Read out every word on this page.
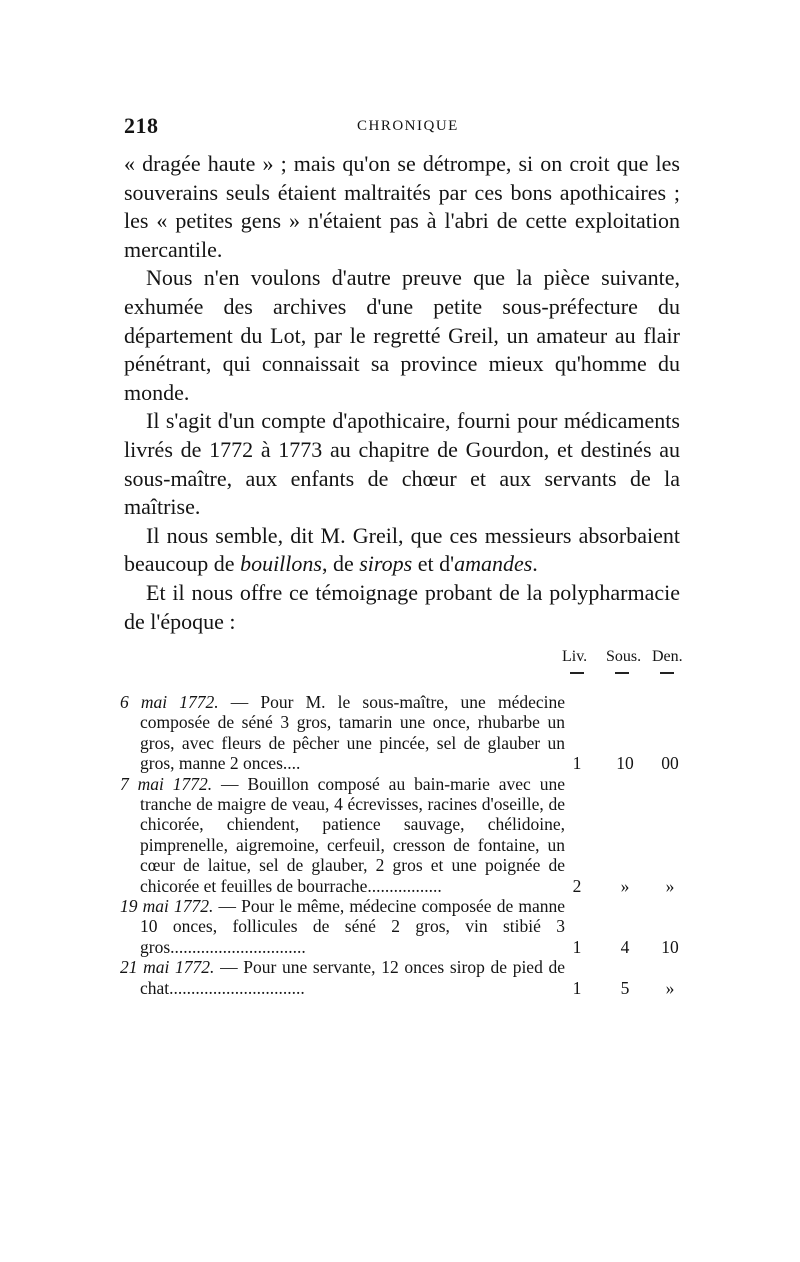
218	CHRONIQUE

« dragée haute » ; mais qu'on se détrompe, si on croit que les souverains seuls étaient maltraités par ces bons apothicaires ; les « petites gens » n'étaient pas à l'abri de cette exploitation mercantile.

Nous n'en voulons d'autre preuve que la pièce suivante, exhumée des archives d'une petite sous-préfecture du département du Lot, par le regretté Greil, un amateur au flair pénétrant, qui connaissait sa province mieux qu'homme du monde.

Il s'agit d'un compte d'apothicaire, fourni pour médicaments livrés de 1772 à 1773 au chapitre de Gourdon, et destinés au sous-maître, aux enfants de chœur et aux servants de la maîtrise.

Il nous semble, dit M. Greil, que ces messieurs absorbaient beaucoup de bouillons, de sirops et d'amandes.

Et il nous offre ce témoignage probant de la polypharmacie de l'époque :

Liv. Sous. Den.
6 mai 1772. — Pour M. le sous-maître, une médecine composée de séné 3 gros, tamarin une once, rhubarbe un gros, avec fleurs de pêcher une pincée, sel de glauber un gros, manne 2 onces....	1	10	00
7 mai 1772. — Bouillon composé au bain-marie avec une tranche de maigre de veau, 4 écrevisses, racines d'oseille, de chicorée, chiendent, patience sauvage, chélidoine, pimprenelle, aigremoine, cerfeuil, cresson de fontaine, un cœur de laitue, sel de glauber, 2 gros et une poignée de chicorée et feuilles de bourrache.................	2	»	»
19 mai 1772. — Pour le même, médecine composée de manne 10 onces, follicules de séné 2 gros, vin stibié 3 gros...............................	1	4	10
21 mai 1772. — Pour une servante, 12 onces sirop de pied de chat...............................	1	5	»
